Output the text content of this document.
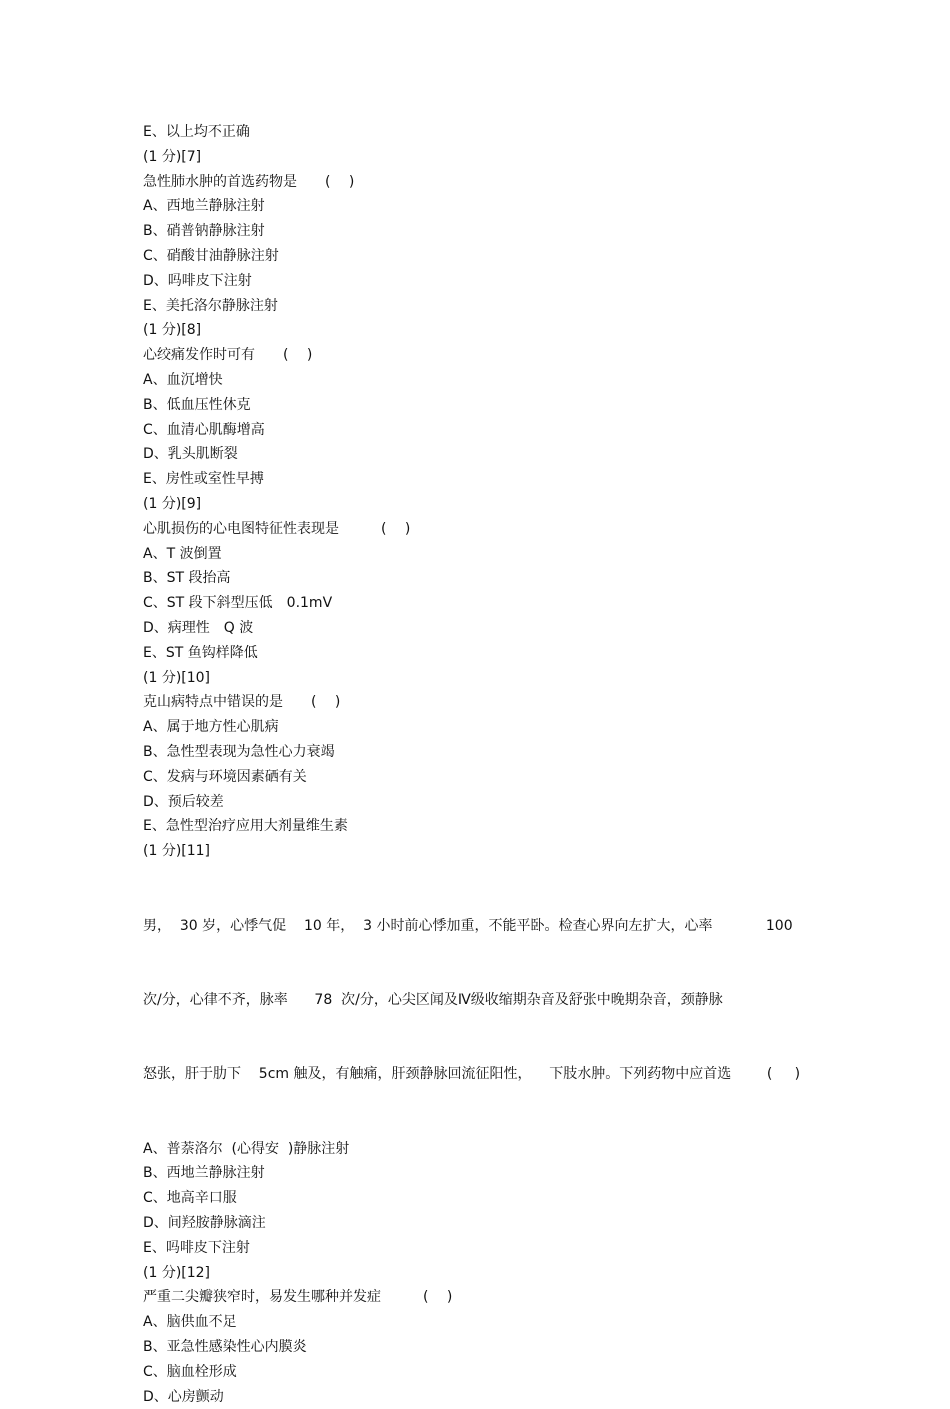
E、以上均不正确
(1 分)[7]
急性肺水肿的首选药物是　　(　 )
A、西地兰静脉注射
B、硝普钠静脉注射
C、硝酸甘油静脉注射
D、吗啡皮下注射
E、美托洛尔静脉注射
(1 分)[8]
心绞痛发作时可有　　(　 )
A、血沉增快
B、低血压性休克
C、血清心肌酶增高
D、乳头肌断裂
E、房性或室性早搏
(1 分)[9]
心肌损伤的心电图特征性表现是　　　(　 )
A、T 波倒置
B、ST 段抬高
C、ST 段下斜型压低　0.1mV
D、病理性　Q 波
E、ST 鱼钩样降低
(1 分)[10]
克山病特点中错误的是　　(　 )
A、属于地方性心肌病
B、急性型表现为急性心力衰竭
C、发病与环境因素硒有关
D、预后较差
E、急性型治疗应用大剂量维生素
(1 分)[11]

男，  30 岁，心悸气促    10 年，  3 小时前心悸加重，不能平卧。检查心界向左扩大，心率            100

次/分，心律不齐，脉率      78  次/分，心尖区闻及Ⅳ级收缩期杂音及舒张中晚期杂音，颈静脉

怒张，肝于肋下    5cm 触及，有触痛，肝颈静脉回流征阳性，    下肢水肿。下列药物中应首选        (     )

A、普萘洛尔  (心得安  )静脉注射
B、西地兰静脉注射
C、地高辛口服
D、间羟胺静脉滴注
E、吗啡皮下注射
(1 分)[12]
严重二尖瓣狭窄时，易发生哪种并发症　　　(　 )
A、脑供血不足
B、亚急性感染性心内膜炎
C、脑血栓形成
D、心房颤动
